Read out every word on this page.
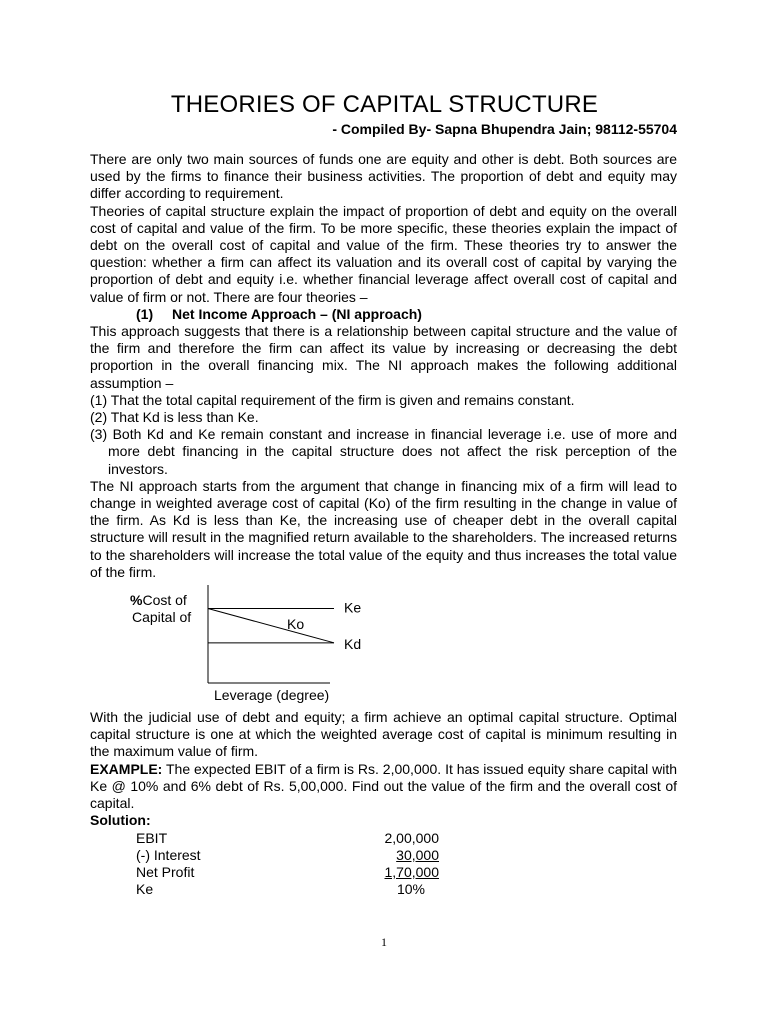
THEORIES OF CAPITAL STRUCTURE
- Compiled By- Sapna Bhupendra Jain; 98112-55704

There are only two main sources of funds one are equity and other is debt. Both sources are used by the firms to finance their business activities. The proportion of debt and equity may differ according to requirement.

Theories of capital structure explain the impact of proportion of debt and equity on the overall cost of capital and value of the firm. To be more specific, these theories explain the impact of debt on the overall cost of capital and value of the firm. These theories try to answer the question: whether a firm can affect its valuation and its overall cost of capital by varying the proportion of debt and equity i.e. whether financial leverage affect overall cost of capital and value of firm or not. There are four theories –

(1) Net Income Approach – (NI approach)

This approach suggests that there is a relationship between capital structure and the value of the firm and therefore the firm can affect its value by increasing or decreasing the debt proportion in the overall financing mix. The NI approach makes the following additional assumption –

(1) That the total capital requirement of the firm is given and remains constant.
(2) That Kd is less than Ke.
(3) Both Kd and Ke remain constant and increase in financial leverage i.e. use of more and more debt financing in the capital structure does not affect the risk perception of the investors.

The NI approach starts from the argument that change in financing mix of a firm will lead to change in weighted average cost of capital (Ko) of the firm resulting in the change in value of the firm. As Kd is less than Ke, the increasing use of cheaper debt in the overall capital structure will result in the magnified return available to the shareholders. The increased returns to the shareholders will increase the total value of the equity and thus increases the total value of the firm.

%Cost of
Capital of
Ke
Ko
Kd
Leverage (degree)

With the judicial use of debt and equity; a firm achieve an optimal capital structure. Optimal capital structure is one at which the weighted average cost of capital is minimum resulting in the maximum value of firm.

EXAMPLE: The expected EBIT of a firm is Rs. 2,00,000. It has issued equity share capital with Ke @ 10% and 6% debt of Rs. 5,00,000. Find out the value of the firm and the overall cost of capital.

Solution:
EBIT	2,00,000
(-) Interest	30,000
Net Profit	1,70,000
Ke	10%
1
